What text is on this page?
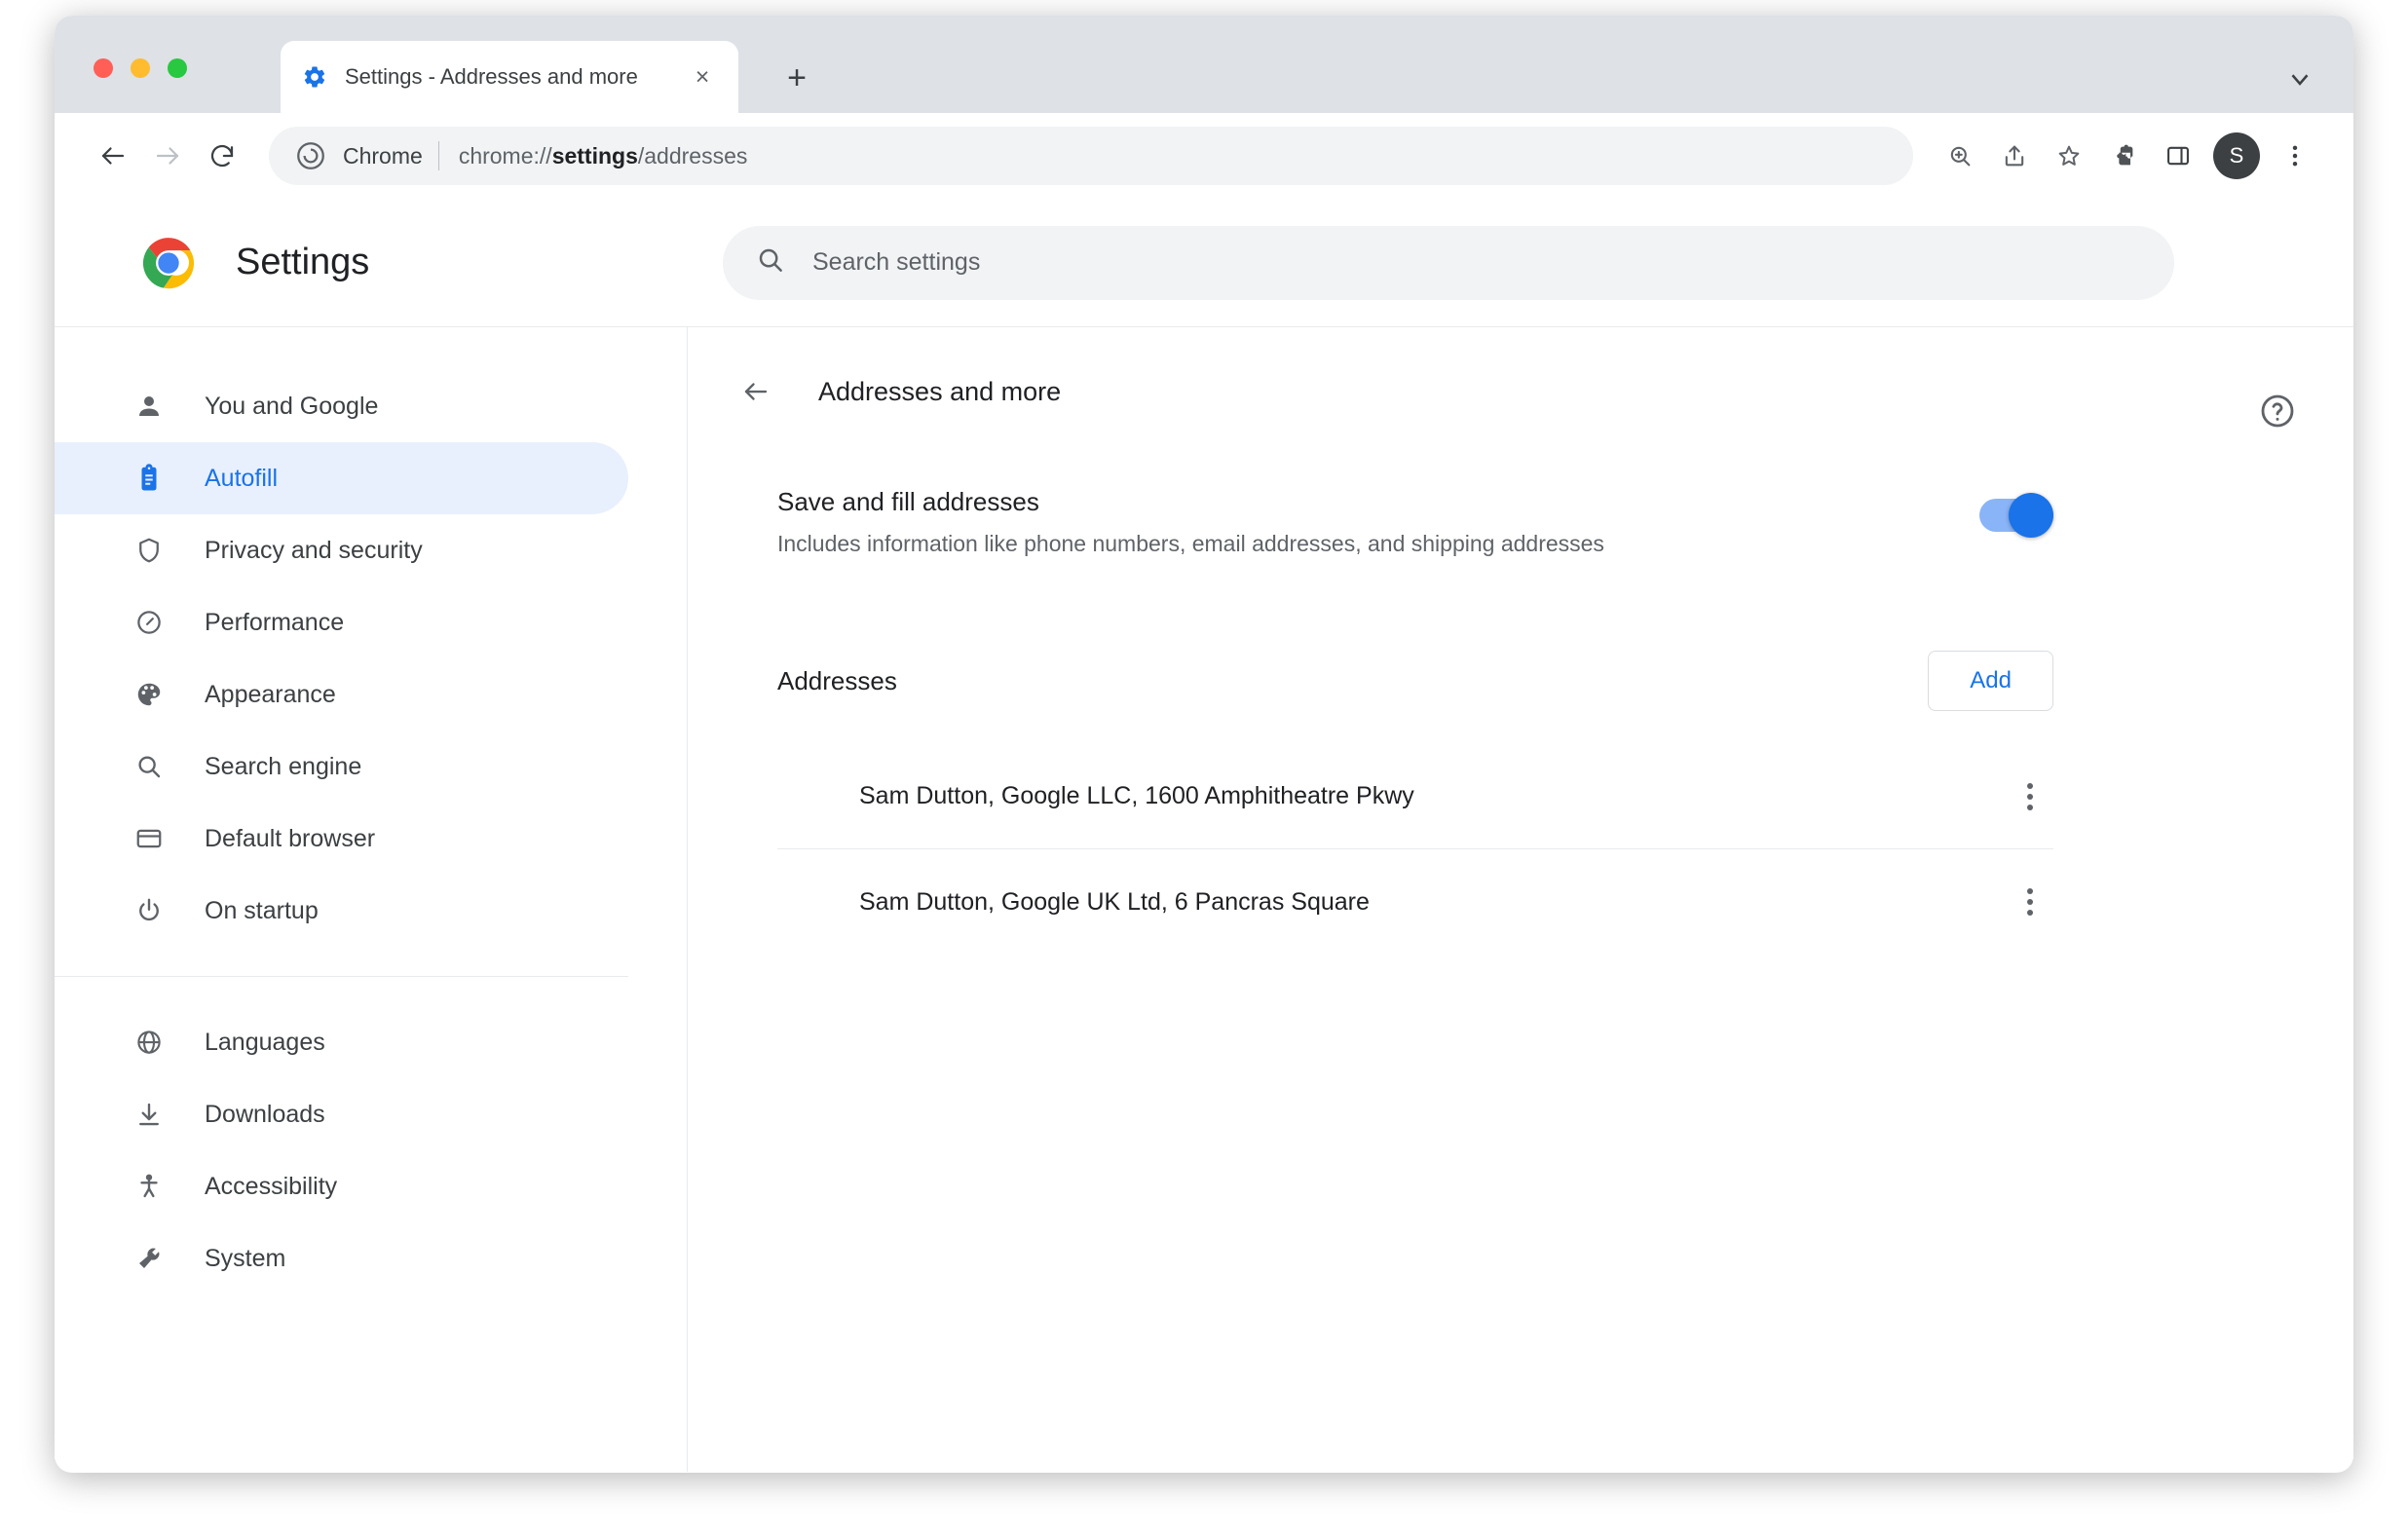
Settings - Addresses and more	×	+
Chrome chrome://settings/addresses	S
Settings
Search settings
You and Google
Autofill
Privacy and security
Performance
Appearance
Search engine
Default browser
On startup
Languages
Downloads
Accessibility
System
Addresses and more
Save and fill addresses
Includes information like phone numbers, email addresses, and shipping addresses
Addresses	Add
Sam Dutton, Google LLC, 1600 Amphitheatre Pkwy
Sam Dutton, Google UK Ltd, 6 Pancras Square
